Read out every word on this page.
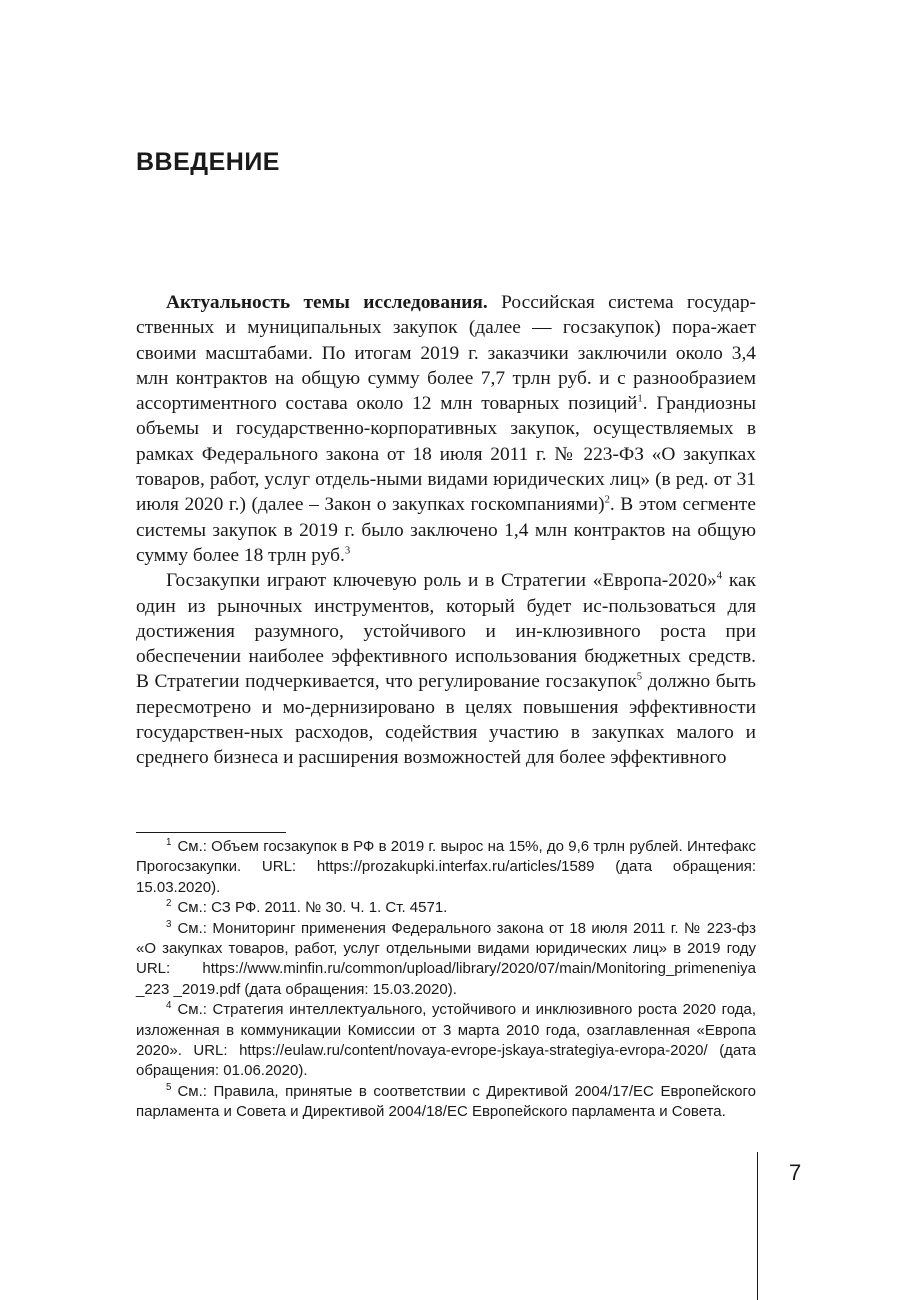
ВВЕДЕНИЕ

Актуальность темы исследования. Российская система государ-ственных и муниципальных закупок (далее — госзакупок) пора-жает своими масштабами. По итогам 2019 г. заказчики заключили около 3,4 млн контрактов на общую сумму более 7,7 трлн руб. и с разнообразием ассортиментного состава около 12 млн товарных позиций$^1$. Грандиозны объемы и государственно-корпоративных закупок, осуществляемых в рамках Федерального закона от 18 июля 2011 г. № 223-ФЗ «О закупках товаров, работ, услуг отдель-ными видами юридических лиц» (в ред. от 31 июля 2020 г.) (далее – Закон о закупках госкомпаниями)$^2$. В этом сегменте системы закупок в 2019 г. было заключено 1,4 млн контрактов на общую сумму более 18 трлн руб.$^3$

Госзакупки играют ключевую роль и в Стратегии «Европа-2020»$^4$ как один из рыночных инструментов, который будет ис-пользоваться для достижения разумного, устойчивого и ин-клюзивного роста при обеспечении наиболее эффективного использования бюджетных средств. В Стратегии подчеркивается, что регулирование госзакупок$^5$ должно быть пересмотрено и мо-дернизировано в целях повышения эффективности государствен-ных расходов, содействия участию в закупках малого и среднего бизнеса и расширения возможностей для более эффективного

$^1$ См.: Объем госзакупок в РФ в 2019 г. вырос на 15%, до 9,6 трлн рублей. Интефакс Прогосзакупки. URL: https://prozakupki.interfax.ru/articles/1589 (дата обращения: 15.03.2020).

$^2$ См.: СЗ РФ. 2011. № 30. Ч. 1. Ст. 4571.

$^3$ См.: Мониторинг применения Федерального закона от 18 июля 2011 г. № 223-фз «О закупках товаров, работ, услуг отдельными видами юридических лиц» в 2019 году URL: https://www.minfin.ru/common/upload/library/2020/07/main/Monitoring_primeneniya _223 _2019.pdf (дата обращения: 15.03.2020).

$^4$ См.: Стратегия интеллектуального, устойчивого и инклюзивного роста 2020 года, изложенная в коммуникации Комиссии от 3 марта 2010 года, озаглавленная «Европа 2020». URL: https://eulaw.ru/content/novaya-evrope-jskaya-strategiya-evropa-2020/ (дата обращения: 01.06.2020).

$^5$ См.: Правила, принятые в соответствии с Директивой 2004/17/ЕС Европейского парламента и Совета и Директивой 2004/18/ЕС Европейского парламента и Совета.

7
